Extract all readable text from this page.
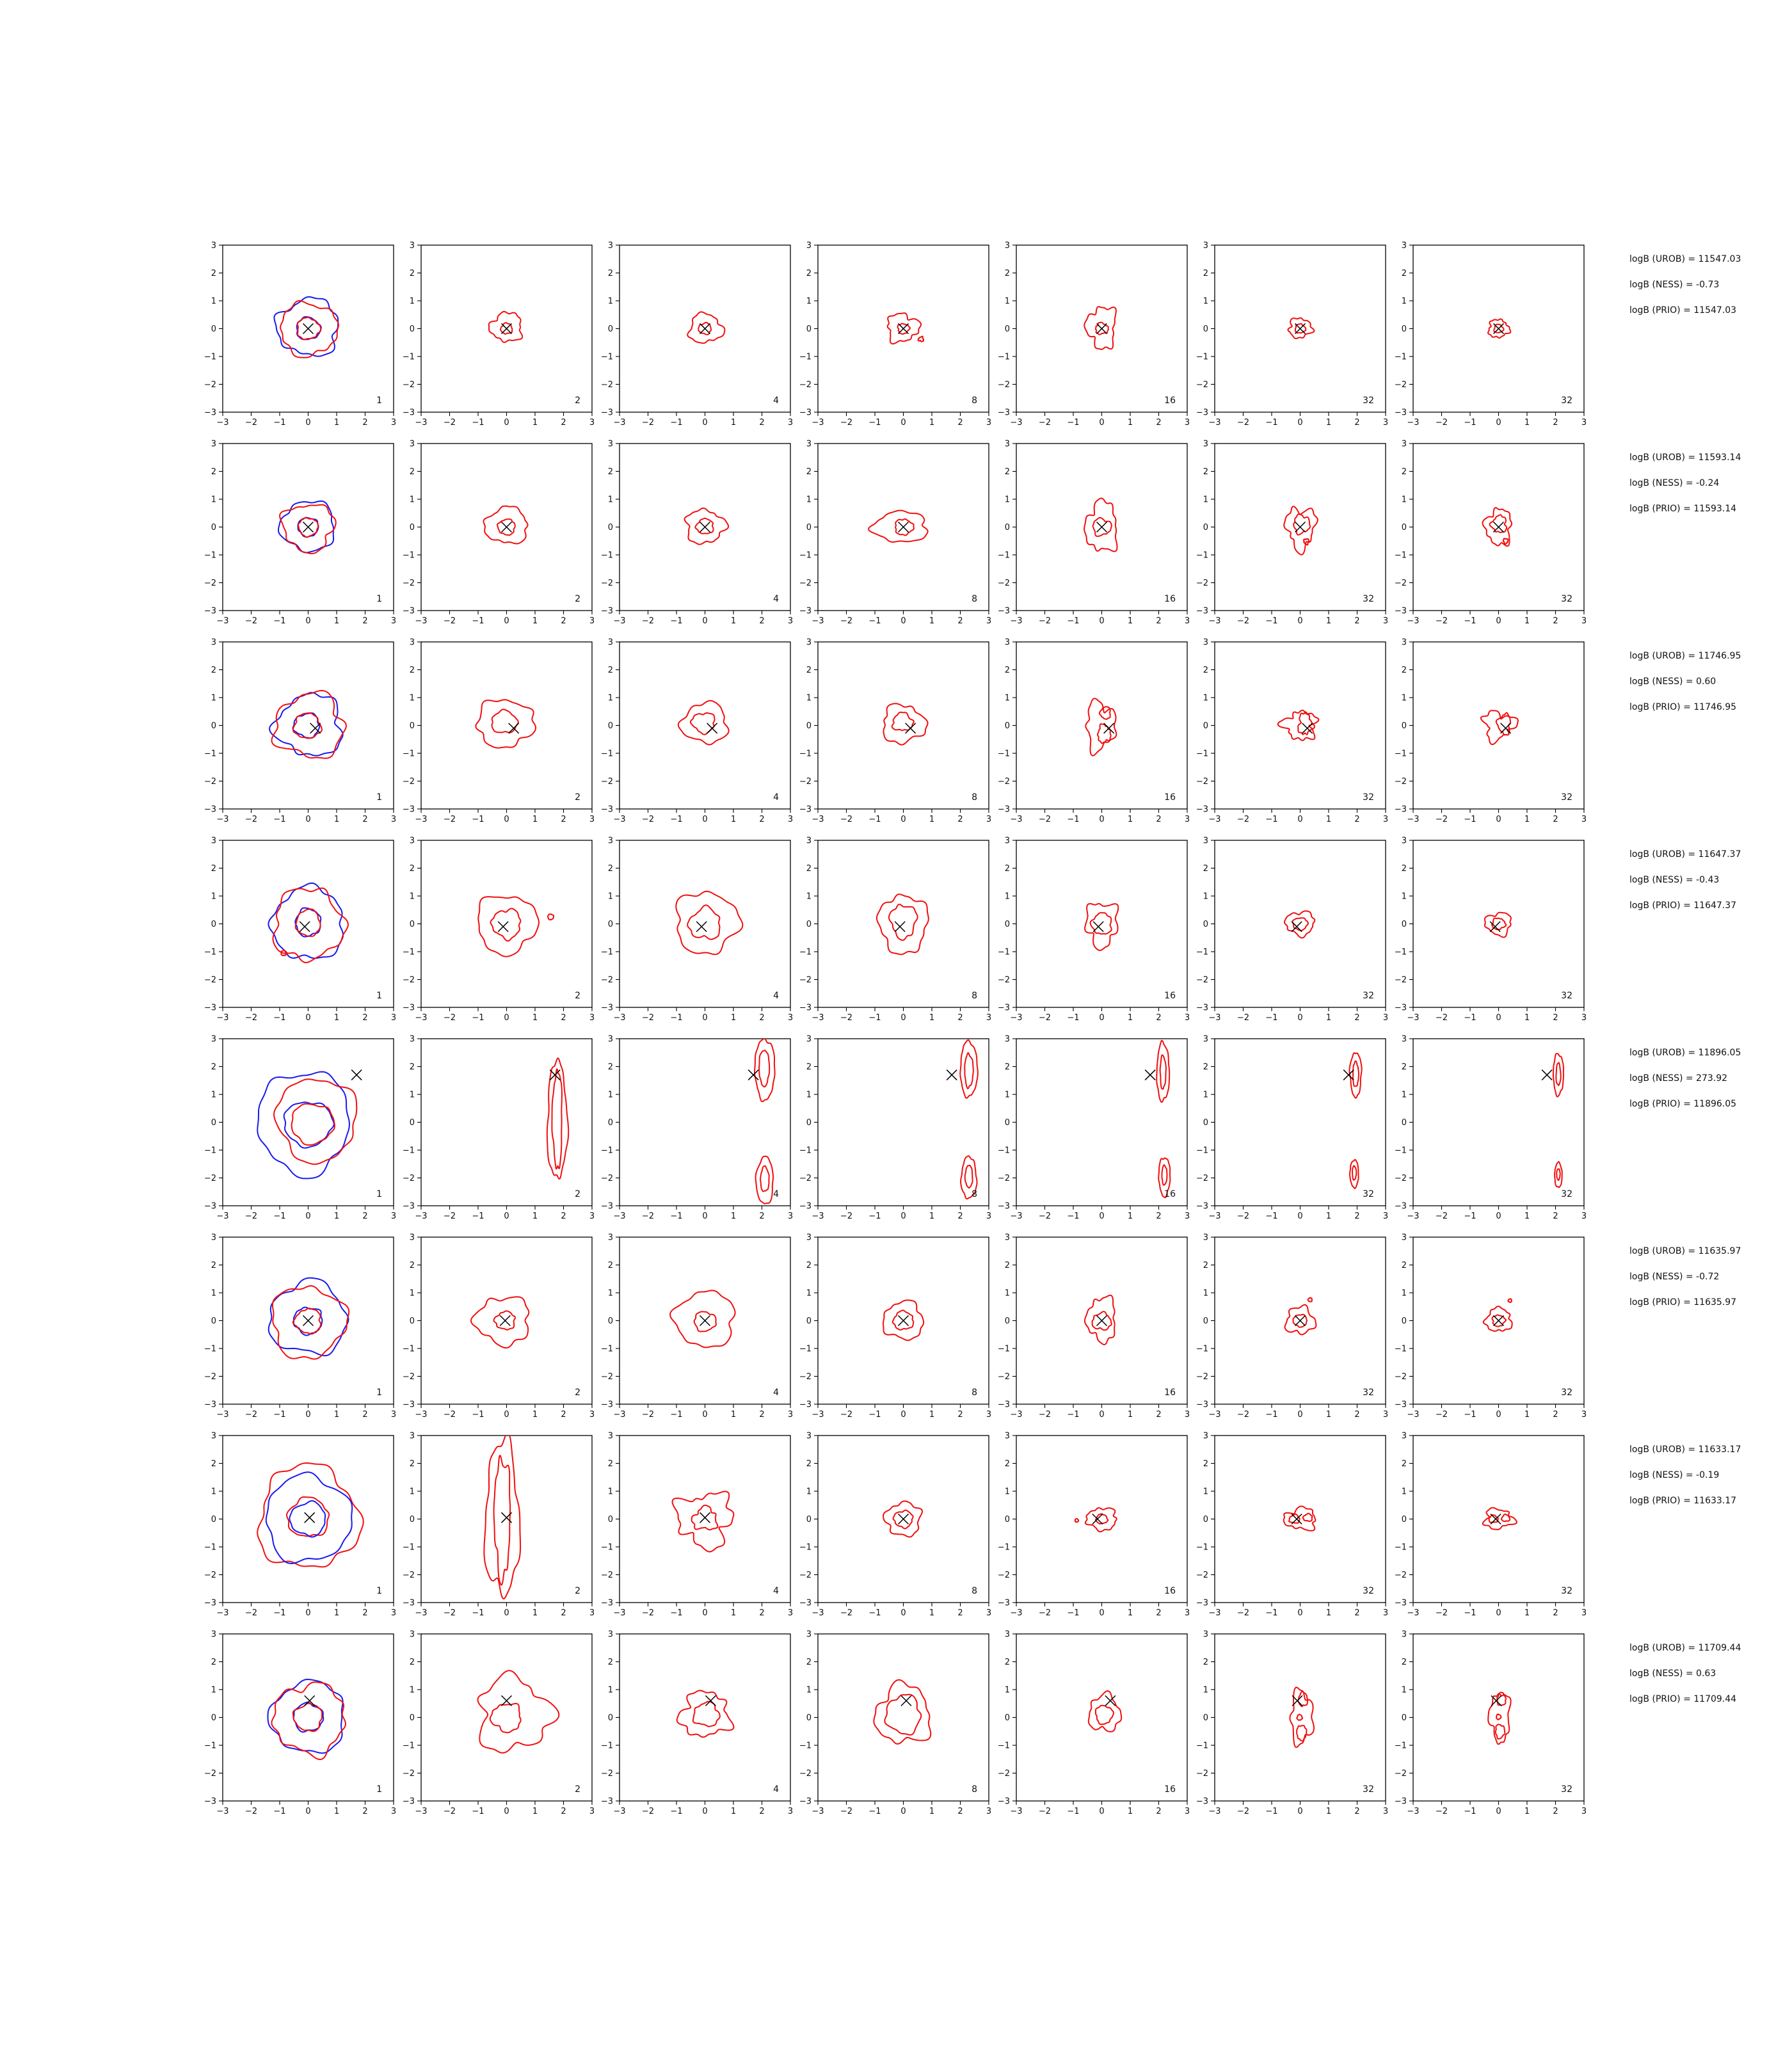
−3
−3
−2
−2
−1
−1
0
0
1
1
2
2
3
3
1
−3
−3
−2
−2
−1
−1
0
0
1
1
2
2
3
3
2
−3
−3
−2
−2
−1
−1
0
0
1
1
2
2
3
3
4
−3
−3
−2
−2
−1
−1
0
0
1
1
2
2
3
3
8
−3
−3
−2
−2
−1
−1
0
0
1
1
2
2
3
3
16
−3
−3
−2
−2
−1
−1
0
0
1
1
2
2
3
3
32
−3
−3
−2
−2
−1
−1
0
0
1
1
2
2
3
3
32
logB (UROB) = 11547.03
logB (NESS) = -0.73
logB (PRIO) = 11547.03
−3
−3
−2
−2
−1
−1
0
0
1
1
2
2
3
3
1
−3
−3
−2
−2
−1
−1
0
0
1
1
2
2
3
3
2
−3
−3
−2
−2
−1
−1
0
0
1
1
2
2
3
3
4
−3
−3
−2
−2
−1
−1
0
0
1
1
2
2
3
3
8
−3
−3
−2
−2
−1
−1
0
0
1
1
2
2
3
3
16
−3
−3
−2
−2
−1
−1
0
0
1
1
2
2
3
3
32
−3
−3
−2
−2
−1
−1
0
0
1
1
2
2
3
3
32
logB (UROB) = 11593.14
logB (NESS) = -0.24
logB (PRIO) = 11593.14
−3
−3
−2
−2
−1
−1
0
0
1
1
2
2
3
3
1
−3
−3
−2
−2
−1
−1
0
0
1
1
2
2
3
3
2
−3
−3
−2
−2
−1
−1
0
0
1
1
2
2
3
3
4
−3
−3
−2
−2
−1
−1
0
0
1
1
2
2
3
3
8
−3
−3
−2
−2
−1
−1
0
0
1
1
2
2
3
3
16
−3
−3
−2
−2
−1
−1
0
0
1
1
2
2
3
3
32
−3
−3
−2
−2
−1
−1
0
0
1
1
2
2
3
3
32
logB (UROB) = 11746.95
logB (NESS) = 0.60
logB (PRIO) = 11746.95
−3
−3
−2
−2
−1
−1
0
0
1
1
2
2
3
3
1
−3
−3
−2
−2
−1
−1
0
0
1
1
2
2
3
3
2
−3
−3
−2
−2
−1
−1
0
0
1
1
2
2
3
3
4
−3
−3
−2
−2
−1
−1
0
0
1
1
2
2
3
3
8
−3
−3
−2
−2
−1
−1
0
0
1
1
2
2
3
3
16
−3
−3
−2
−2
−1
−1
0
0
1
1
2
2
3
3
32
−3
−3
−2
−2
−1
−1
0
0
1
1
2
2
3
3
32
logB (UROB) = 11647.37
logB (NESS) = -0.43
logB (PRIO) = 11647.37
−3
−3
−2
−2
−1
−1
0
0
1
1
2
2
3
3
1
−3
−3
−2
−2
−1
−1
0
0
1
1
2
2
3
3
2
−3
−3
−2
−2
−1
−1
0
0
1
1
2
2
3
3
4
−3
−3
−2
−2
−1
−1
0
0
1
1
2
2
3
3
8
−3
−3
−2
−2
−1
−1
0
0
1
1
2
2
3
3
16
−3
−3
−2
−2
−1
−1
0
0
1
1
2
2
3
3
32
−3
−3
−2
−2
−1
−1
0
0
1
1
2
2
3
3
32
logB (UROB) = 11896.05
logB (NESS) = 273.92
logB (PRIO) = 11896.05
−3
−3
−2
−2
−1
−1
0
0
1
1
2
2
3
3
1
−3
−3
−2
−2
−1
−1
0
0
1
1
2
2
3
3
2
−3
−3
−2
−2
−1
−1
0
0
1
1
2
2
3
3
4
−3
−3
−2
−2
−1
−1
0
0
1
1
2
2
3
3
8
−3
−3
−2
−2
−1
−1
0
0
1
1
2
2
3
3
16
−3
−3
−2
−2
−1
−1
0
0
1
1
2
2
3
3
32
−3
−3
−2
−2
−1
−1
0
0
1
1
2
2
3
3
32
logB (UROB) = 11635.97
logB (NESS) = -0.72
logB (PRIO) = 11635.97
−3
−3
−2
−2
−1
−1
0
0
1
1
2
2
3
3
1
−3
−3
−2
−2
−1
−1
0
0
1
1
2
2
3
3
2
−3
−3
−2
−2
−1
−1
0
0
1
1
2
2
3
3
4
−3
−3
−2
−2
−1
−1
0
0
1
1
2
2
3
3
8
−3
−3
−2
−2
−1
−1
0
0
1
1
2
2
3
3
16
−3
−3
−2
−2
−1
−1
0
0
1
1
2
2
3
3
32
−3
−3
−2
−2
−1
−1
0
0
1
1
2
2
3
3
32
logB (UROB) = 11633.17
logB (NESS) = -0.19
logB (PRIO) = 11633.17
−3
−3
−2
−2
−1
−1
0
0
1
1
2
2
3
3
1
−3
−3
−2
−2
−1
−1
0
0
1
1
2
2
3
3
2
−3
−3
−2
−2
−1
−1
0
0
1
1
2
2
3
3
4
−3
−3
−2
−2
−1
−1
0
0
1
1
2
2
3
3
8
−3
−3
−2
−2
−1
−1
0
0
1
1
2
2
3
3
16
−3
−3
−2
−2
−1
−1
0
0
1
1
2
2
3
3
32
−3
−3
−2
−2
−1
−1
0
0
1
1
2
2
3
3
32
logB (UROB) = 11709.44
logB (NESS) = 0.63
logB (PRIO) = 11709.44
